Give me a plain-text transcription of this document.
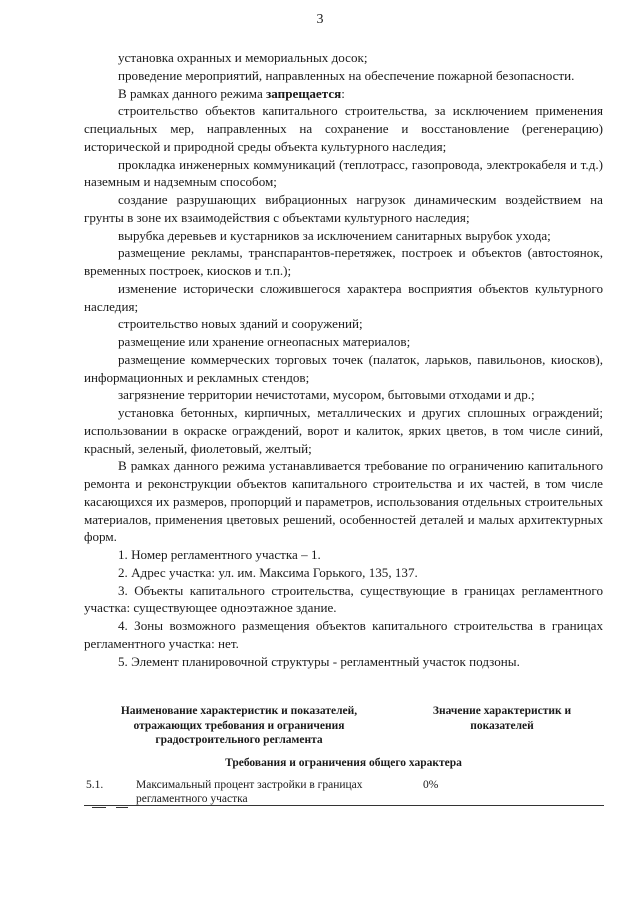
3

установка охранных и мемориальных досок;

проведение мероприятий, направленных на обеспечение пожарной безопасности.

В рамках данного режима запрещается:

строительство объектов капитального строительства, за исключением применения специальных мер, направленных на сохранение и восстановление (регенерацию) исторической и природной среды объекта культурного наследия;

прокладка инженерных коммуникаций (теплотрасс, газопровода, электрокабеля и т.д.) наземным и надземным способом;

создание разрушающих вибрационных нагрузок динамическим воздействием на грунты в зоне их взаимодействия с объектами культурного наследия;

вырубка деревьев и кустарников за исключением санитарных вырубок ухода;

размещение рекламы, транспарантов-перетяжек, построек и объектов (автостоянок, временных построек, киосков и т.п.);

изменение исторически сложившегося характера восприятия объектов культурного наследия;

строительство новых зданий и сооружений;

размещение или хранение огнеопасных материалов;

размещение коммерческих торговых точек (палаток, ларьков, павильонов, киосков), информационных и рекламных стендов;

загрязнение территории нечистотами, мусором, бытовыми отходами и др.;

установка бетонных, кирпичных, металлических и других сплошных ограждений; использовании в окраске ограждений, ворот и калиток, ярких цветов, в том числе синий, красный, зеленый, фиолетовый, желтый;

В рамках данного режима устанавливается требование по ограничению капитального ремонта и реконструкции объектов капитального строительства и их частей, в том числе касающихся их размеров, пропорций и параметров, использования отдельных строительных материалов, применения цветовых решений, особенностей деталей и малых архитектурных форм.

1. Номер регламентного участка – 1.

2. Адрес участка: ул. им. Максима Горького, 135, 137.

3. Объекты капитального строительства, существующие в границах регламентного участка: существующее одноэтажное здание.

4. Зоны возможного размещения объектов капитального строительства в границах регламентного участка: нет.

5. Элемент планировочной структуры - регламентный участок подзоны.

Наименование характеристик и показателей, отражающих требования и ограничения градостроительного регламента
Значение характеристик и показателей
Требования и ограничения общего характера
5.1.	Максимальный процент застройки в границах регламентного участка
0%
